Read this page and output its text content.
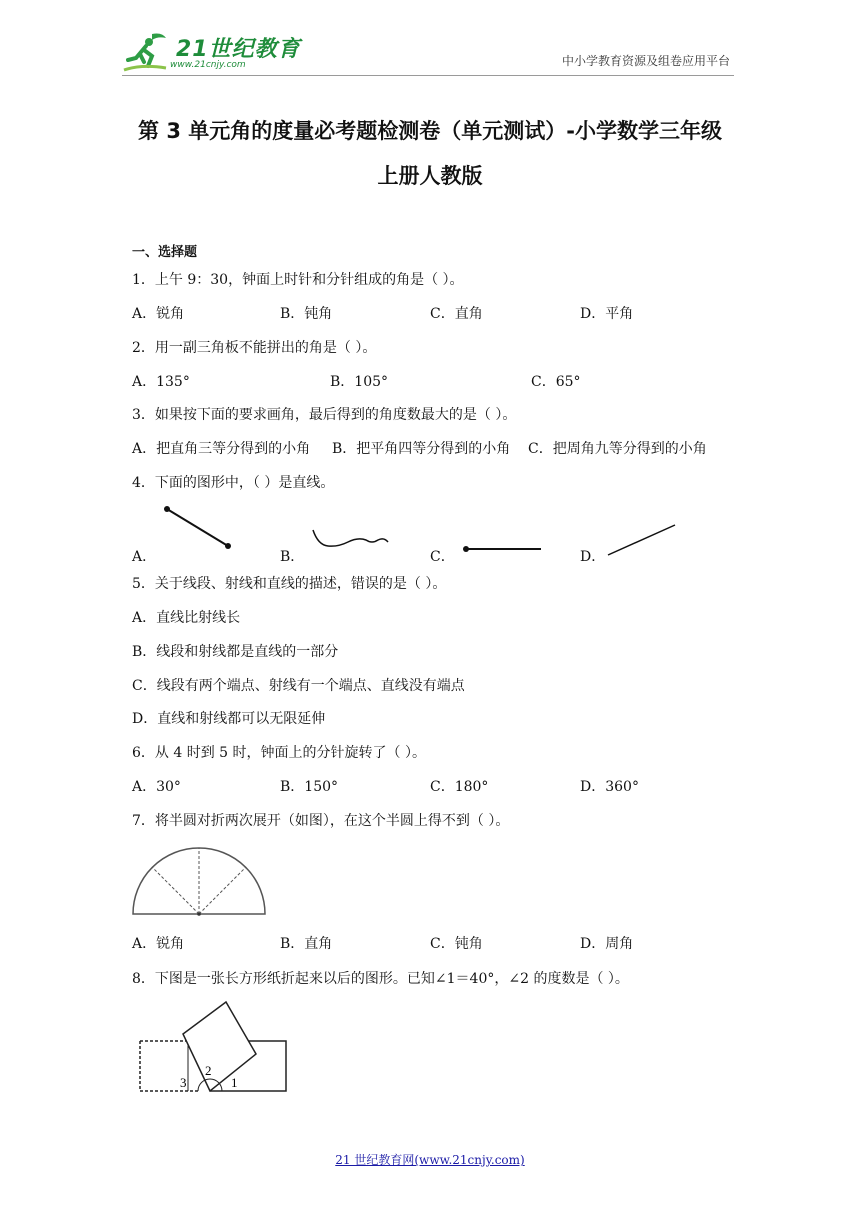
21世纪教育
www.21cnjy.com	中小学教育资源及组卷应用平台
第 3 单元角的度量必考题检测卷（单元测试）-小学数学三年级
上册人教版
一、选择题
1．上午 9：30，钟面上时针和分针组成的角是（ ）。
A．锐角	B．钝角	C．直角	D．平角
2．用一副三角板不能拼出的角是（ ）。
A．135°	B．105°	C．65°
3．如果按下面的要求画角，最后得到的角度数最大的是（ ）。
A．把直角三等分得到的小角 B．把平角四等分得到的小角 C．把周角九等分得到的小角
4．下面的图形中，（ ）是直线。
A．	B．	C．	D．
5．关于线段、射线和直线的描述，错误的是（ ）。
A．直线比射线长
B．线段和射线都是直线的一部分
C．线段有两个端点、射线有一个端点、直线没有端点
D．直线和射线都可以无限延伸
6．从 4 时到 5 时，钟面上的分针旋转了（ ）。
A．30°	B．150°	C．180°	D．360°
7．将半圆对折两次展开（如图），在这个半圆上得不到（ ）。
A．锐角	B．直角	C．钝角	D．周角
8．下图是一张长方形纸折起来以后的图形。已知∠1＝40°，∠2 的度数是（ ）。
3
2
1
21 世纪教育网(www.21cnjy.com)
